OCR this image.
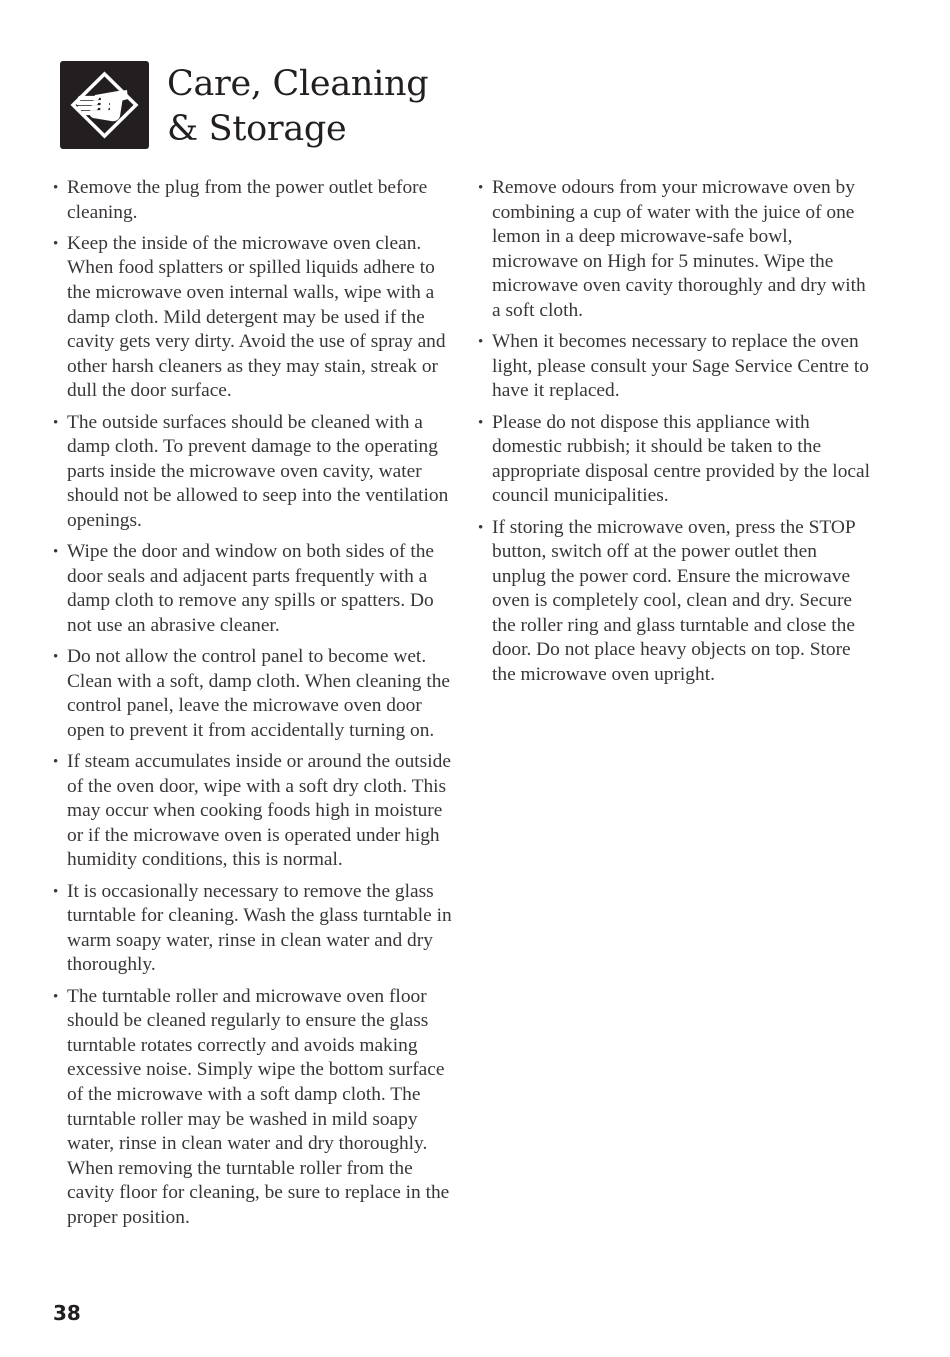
Care, Cleaning
& Storage
• Remove the plug from the power outlet before cleaning.
• Keep the inside of the microwave oven clean. When food splatters or spilled liquids adhere to the microwave oven internal walls, wipe with a damp cloth. Mild detergent may be used if the cavity gets very dirty. Avoid the use of spray and other harsh cleaners as they may stain, streak or dull the door surface.
• The outside surfaces should be cleaned with a damp cloth. To prevent damage to the operating parts inside the microwave oven cavity, water should not be allowed to seep into the ventilation openings.
• Wipe the door and window on both sides of the door seals and adjacent parts frequently with a damp cloth to remove any spills or spatters. Do not use an abrasive cleaner.
• Do not allow the control panel to become wet. Clean with a soft, damp cloth. When cleaning the control panel, leave the microwave oven door open to prevent it from accidentally turning on.
• If steam accumulates inside or around the outside of the oven door, wipe with a soft dry cloth. This may occur when cooking foods high in moisture or if the microwave oven is operated under high humidity conditions, this is normal.
• It is occasionally necessary to remove the glass turntable for cleaning. Wash the glass turntable in warm soapy water, rinse in clean water and dry thoroughly.
• The turntable roller and microwave oven floor should be cleaned regularly to ensure the glass turntable rotates correctly and avoids making excessive noise. Simply wipe the bottom surface of the microwave with a soft damp cloth. The turntable roller may be washed in mild soapy water, rinse in clean water and dry thoroughly. When removing the turntable roller from the cavity floor for cleaning, be sure to replace in the proper position.
• Remove odours from your microwave oven by combining a cup of water with the juice of one lemon in a deep microwave-safe bowl, microwave on High for 5 minutes. Wipe the microwave oven cavity thoroughly and dry with a soft cloth.
• When it becomes necessary to replace the oven light, please consult your Sage Service Centre to have it replaced.
• Please do not dispose this appliance with domestic rubbish; it should be taken to the appropriate disposal centre provided by the local council municipalities.
• If storing the microwave oven, press the STOP button, switch off at the power outlet then unplug the power cord. Ensure the microwave oven is completely cool, clean and dry. Secure the roller ring and glass turntable and close the door. Do not place heavy objects on top. Store the microwave oven upright.
38
